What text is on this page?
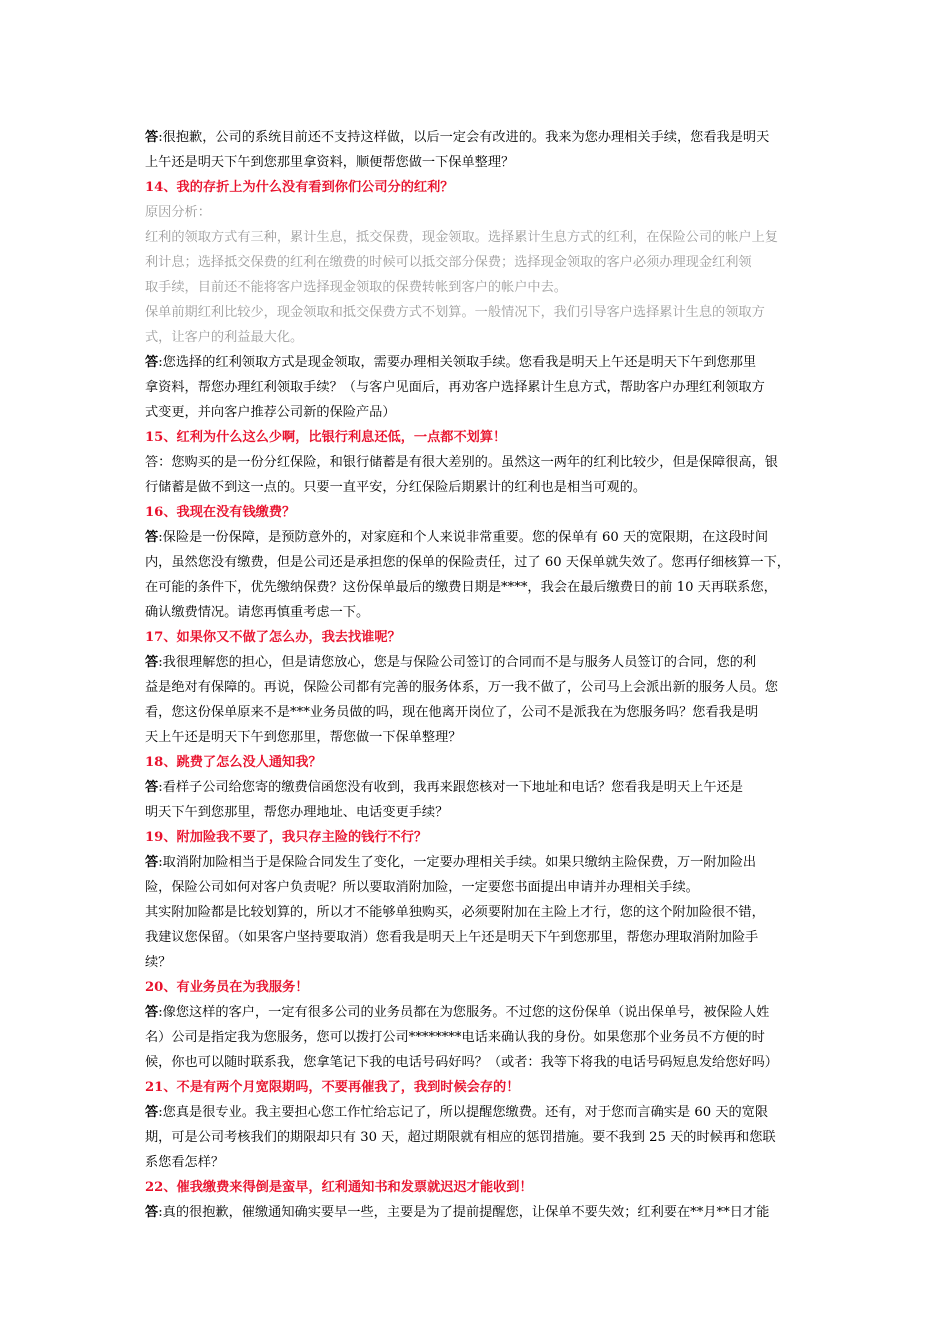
答:很抱歉，公司的系统目前还不支持这样做，以后一定会有改进的。我来为您办理相关手续，您看我是明天
上午还是明天下午到您那里拿资料，顺便帮您做一下保单整理？
14、我的存折上为什么没有看到你们公司分的红利？
原因分析：
红利的领取方式有三种，累计生息，抵交保费，现金领取。选择累计生息方式的红利，在保险公司的帐户上复
利计息；选择抵交保费的红利在缴费的时候可以抵交部分保费；选择现金领取的客户必须办理现金红利领
取手续，目前还不能将客户选择现金领取的保费转帐到客户的帐户中去。
保单前期红利比较少，现金领取和抵交保费方式不划算。一般情况下，我们引导客户选择累计生息的领取方
式，让客户的利益最大化。
答:您选择的红利领取方式是现金领取，需要办理相关领取手续。您看我是明天上午还是明天下午到您那里
拿资料，帮您办理红利领取手续？（与客户见面后，再劝客户选择累计生息方式，帮助客户办理红利领取方
式变更，并向客户推荐公司新的保险产品）
15、红利为什么这么少啊，比银行利息还低，一点都不划算！
答：您购买的是一份分红保险，和银行储蓄是有很大差别的。虽然这一两年的红利比较少，但是保障很高，银
行储蓄是做不到这一点的。只要一直平安，分红保险后期累计的红利也是相当可观的。
16、我现在没有钱缴费？
答:保险是一份保障，是预防意外的，对家庭和个人来说非常重要。您的保单有 60 天的宽限期，在这段时间
内，虽然您没有缴费，但是公司还是承担您的保单的保险责任，过了 60 天保单就失效了。您再仔细核算一下，
在可能的条件下，优先缴纳保费？这份保单最后的缴费日期是****，我会在最后缴费日的前 10 天再联系您，
确认缴费情况。请您再慎重考虑一下。
17、如果你又不做了怎么办，我去找谁呢？
答:我很理解您的担心，但是请您放心，您是与保险公司签订的合同而不是与服务人员签订的合同，您的利
益是绝对有保障的。再说，保险公司都有完善的服务体系，万一我不做了，公司马上会派出新的服务人员。您
看，您这份保单原来不是***业务员做的吗，现在他离开岗位了，公司不是派我在为您服务吗？您看我是明
天上午还是明天下午到您那里，帮您做一下保单整理？
18、跳费了怎么没人通知我？
答:看样子公司给您寄的缴费信函您没有收到，我再来跟您核对一下地址和电话？您看我是明天上午还是
明天下午到您那里，帮您办理地址、电话变更手续？
19、附加险我不要了，我只存主险的钱行不行？
答:取消附加险相当于是保险合同发生了变化，一定要办理相关手续。如果只缴纳主险保费，万一附加险出
险，保险公司如何对客户负责呢？所以要取消附加险，一定要您书面提出申请并办理相关手续。
其实附加险都是比较划算的，所以才不能够单独购买，必须要附加在主险上才行，您的这个附加险很不错，
我建议您保留。（如果客户坚持要取消）您看我是明天上午还是明天下午到您那里，帮您办理取消附加险手
续？
20、有业务员在为我服务！
答:像您这样的客户，一定有很多公司的业务员都在为您服务。不过您的这份保单（说出保单号，被保险人姓
名）公司是指定我为您服务，您可以拨打公司********电话来确认我的身份。如果您那个业务员不方便的时
候，你也可以随时联系我，您拿笔记下我的电话号码好吗？（或者：我等下将我的电话号码短息发给您好吗）
21、不是有两个月宽限期吗，不要再催我了，我到时候会存的！
答:您真是很专业。我主要担心您工作忙给忘记了，所以提醒您缴费。还有，对于您而言确实是 60 天的宽限
期，可是公司考核我们的期限却只有 30 天，超过期限就有相应的惩罚措施。要不我到 25 天的时候再和您联
系您看怎样？
22、催我缴费来得倒是蛮早，红利通知书和发票就迟迟才能收到！
答:真的很抱歉，催缴通知确实要早一些，主要是为了提前提醒您，让保单不要失效；红利要在**月**日才能
